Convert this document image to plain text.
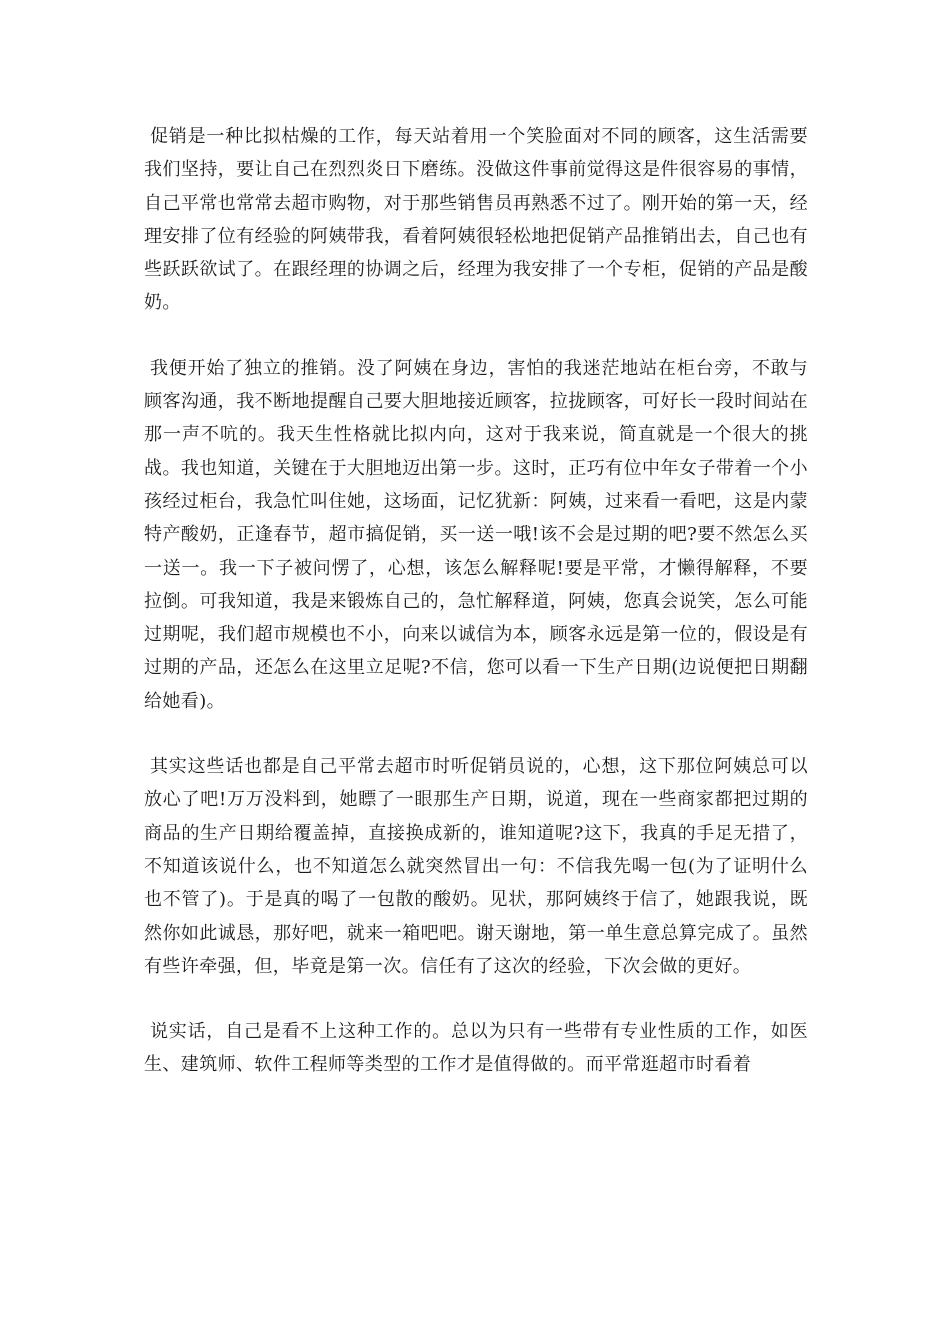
促销是一种比拟枯燥的工作，每天站着用一个笑脸面对不同的顾客，这生活需要我们坚持，要让自己在烈烈炎日下磨练。没做这件事前觉得这是件很容易的事情，自己平常也常常去超市购物，对于那些销售员再熟悉不过了。刚开始的第一天，经理安排了位有经验的阿姨带我，看着阿姨很轻松地把促销产品推销出去，自己也有些跃跃欲试了。在跟经理的协调之后，经理为我安排了一个专柜，促销的产品是酸奶。

我便开始了独立的推销。没了阿姨在身边，害怕的我迷茫地站在柜台旁，不敢与顾客沟通，我不断地提醒自己要大胆地接近顾客，拉拢顾客，可好长一段时间站在那一声不吭的。我天生性格就比拟内向，这对于我来说，简直就是一个很大的挑战。我也知道，关键在于大胆地迈出第一步。这时，正巧有位中年女子带着一个小孩经过柜台，我急忙叫住她，这场面，记忆犹新：阿姨，过来看一看吧，这是内蒙特产酸奶，正逢春节，超市搞促销，买一送一哦!该不会是过期的吧?要不然怎么买一送一。我一下子被问愣了，心想，该怎么解释呢!要是平常，才懒得解释，不要拉倒。可我知道，我是来锻炼自己的，急忙解释道，阿姨，您真会说笑，怎么可能过期呢，我们超市规模也不小，向来以诚信为本，顾客永远是第一位的，假设是有过期的产品，还怎么在这里立足呢?不信，您可以看一下生产日期(边说便把日期翻给她看)。

其实这些话也都是自己平常去超市时听促销员说的，心想，这下那位阿姨总可以放心了吧!万万没料到，她瞟了一眼那生产日期，说道，现在一些商家都把过期的商品的生产日期给覆盖掉，直接换成新的，谁知道呢?这下，我真的手足无措了，不知道该说什么，也不知道怎么就突然冒出一句：不信我先喝一包(为了证明什么也不管了)。于是真的喝了一包散的酸奶。见状，那阿姨终于信了，她跟我说，既然你如此诚恳，那好吧，就来一箱吧吧。谢天谢地，第一单生意总算完成了。虽然有些许牵强，但，毕竟是第一次。信任有了这次的经验，下次会做的更好。

说实话，自己是看不上这种工作的。总以为只有一些带有专业性质的工作，如医生、建筑师、软件工程师等类型的工作才是值得做的。而平常逛超市时看着
